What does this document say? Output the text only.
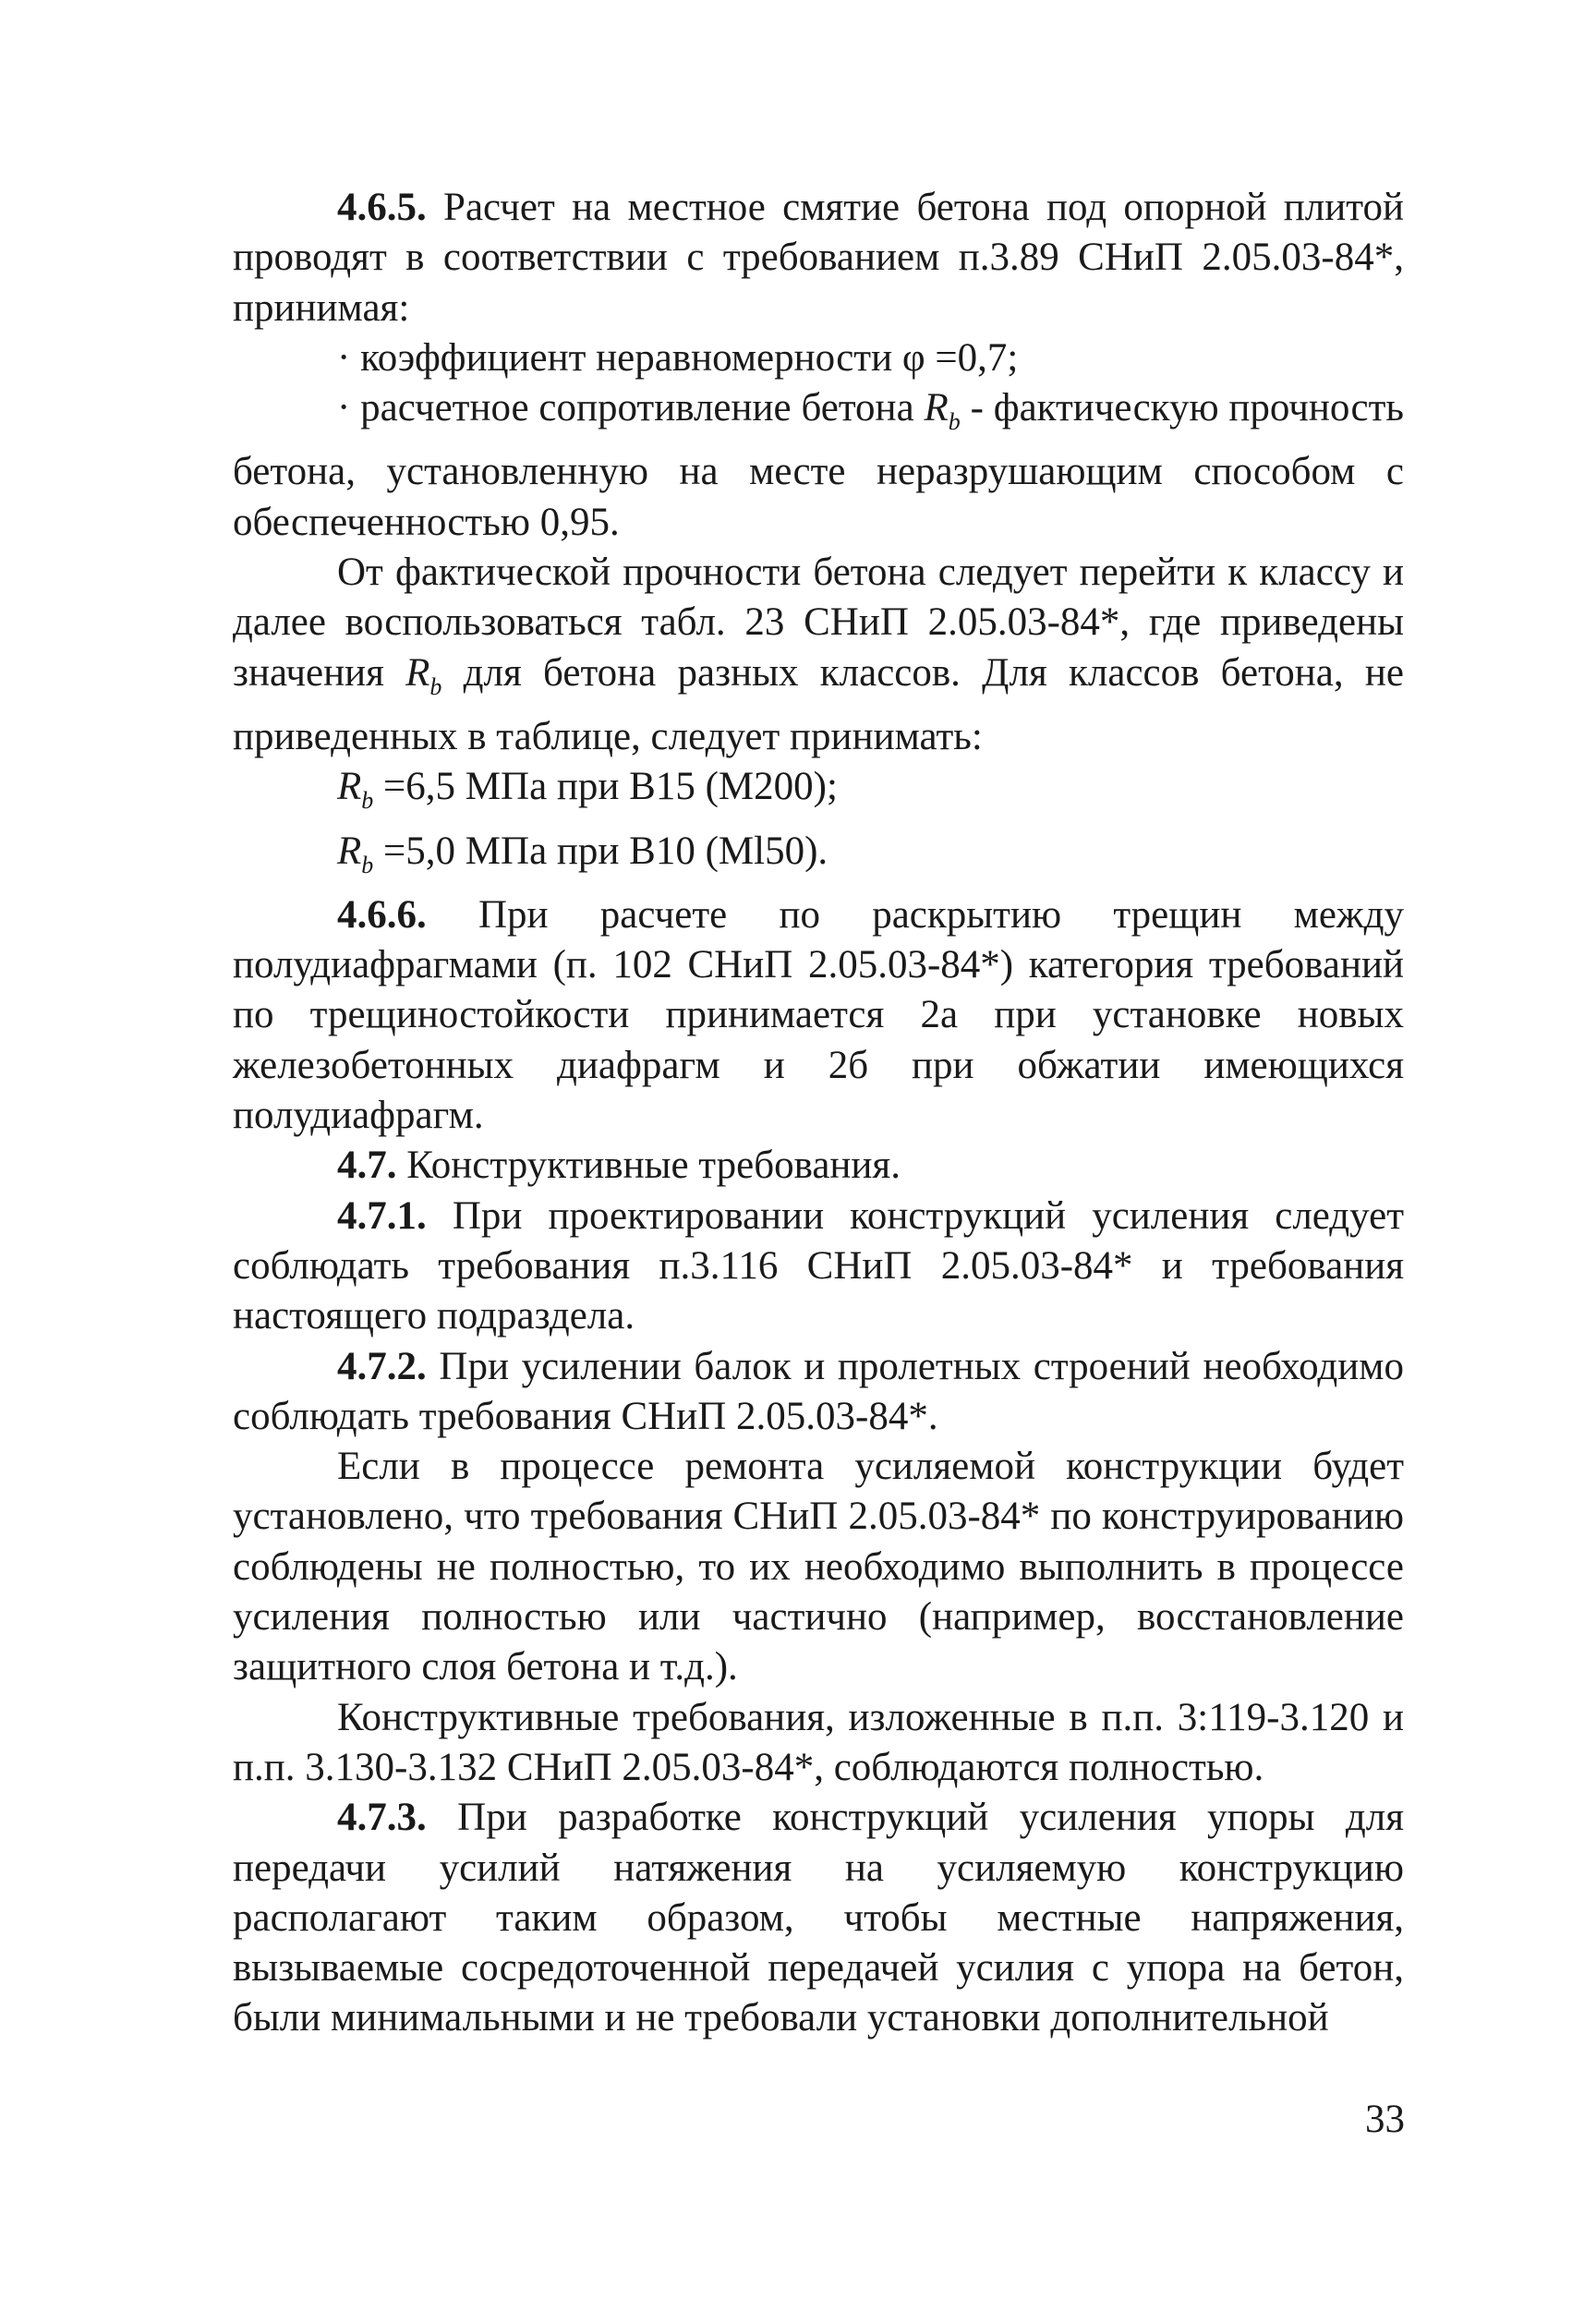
4.6.5. Расчет на местное смятие бетона под опорной плитой проводят в соответствии с требованием п.3.89 СНиП 2.05.03-84*, принимая:

· коэффициент неравномерности φ =0,7;

· расчетное сопротивление бетона $R_b$ - фактическую прочность бетона, установленную на месте неразрушающим способом с обеспеченностью 0,95.

От фактической прочности бетона следует перейти к классу и далее воспользоваться табл. 23 СНиП 2.05.03-84*, где приведены значения $R_b$ для бетона разных классов. Для классов бетона, не приведенных в таблице, следует принимать:

$R_b =6,5$ МПа при В15 (М200);

$R_b =5,0$ МПа при В10 (Ml50).

4.6.6. При расчете по раскрытию трещин между полудиафрагмами (п. 102 СНиП 2.05.03-84*) категория требований по трещиностойкости принимается 2а при установке новых железобетонных диафрагм и 2б при обжатии имеющихся полудиафрагм.

4.7. Конструктивные требования.

4.7.1. При проектировании конструкций усиления следует соблюдать требования п.3.116 СНиП 2.05.03-84* и требования настоящего подраздела.

4.7.2. При усилении балок и пролетных строений необходимо соблюдать требования СНиП 2.05.03-84*.

Если в процессе ремонта усиляемой конструкции будет установлено, что требования СНиП 2.05.03-84* по конструированию соблюдены не полностью, то их необходимо выполнить в процессе усиления полностью или частично (например, восстановление защитного слоя бетона и т.д.).

Конструктивные требования, изложенные в п.п. 3:119-3.120 и п.п. 3.130-3.132 СНиП 2.05.03-84*, соблюдаются полностью.

4.7.3. При разработке конструкций усиления упоры для передачи усилий натяжения на усиляемую конструкцию располагают таким образом, чтобы местные напряжения, вызываемые сосредоточенной передачей усилия с упора на бетон, были минимальными и не требовали установки дополнительной

33
